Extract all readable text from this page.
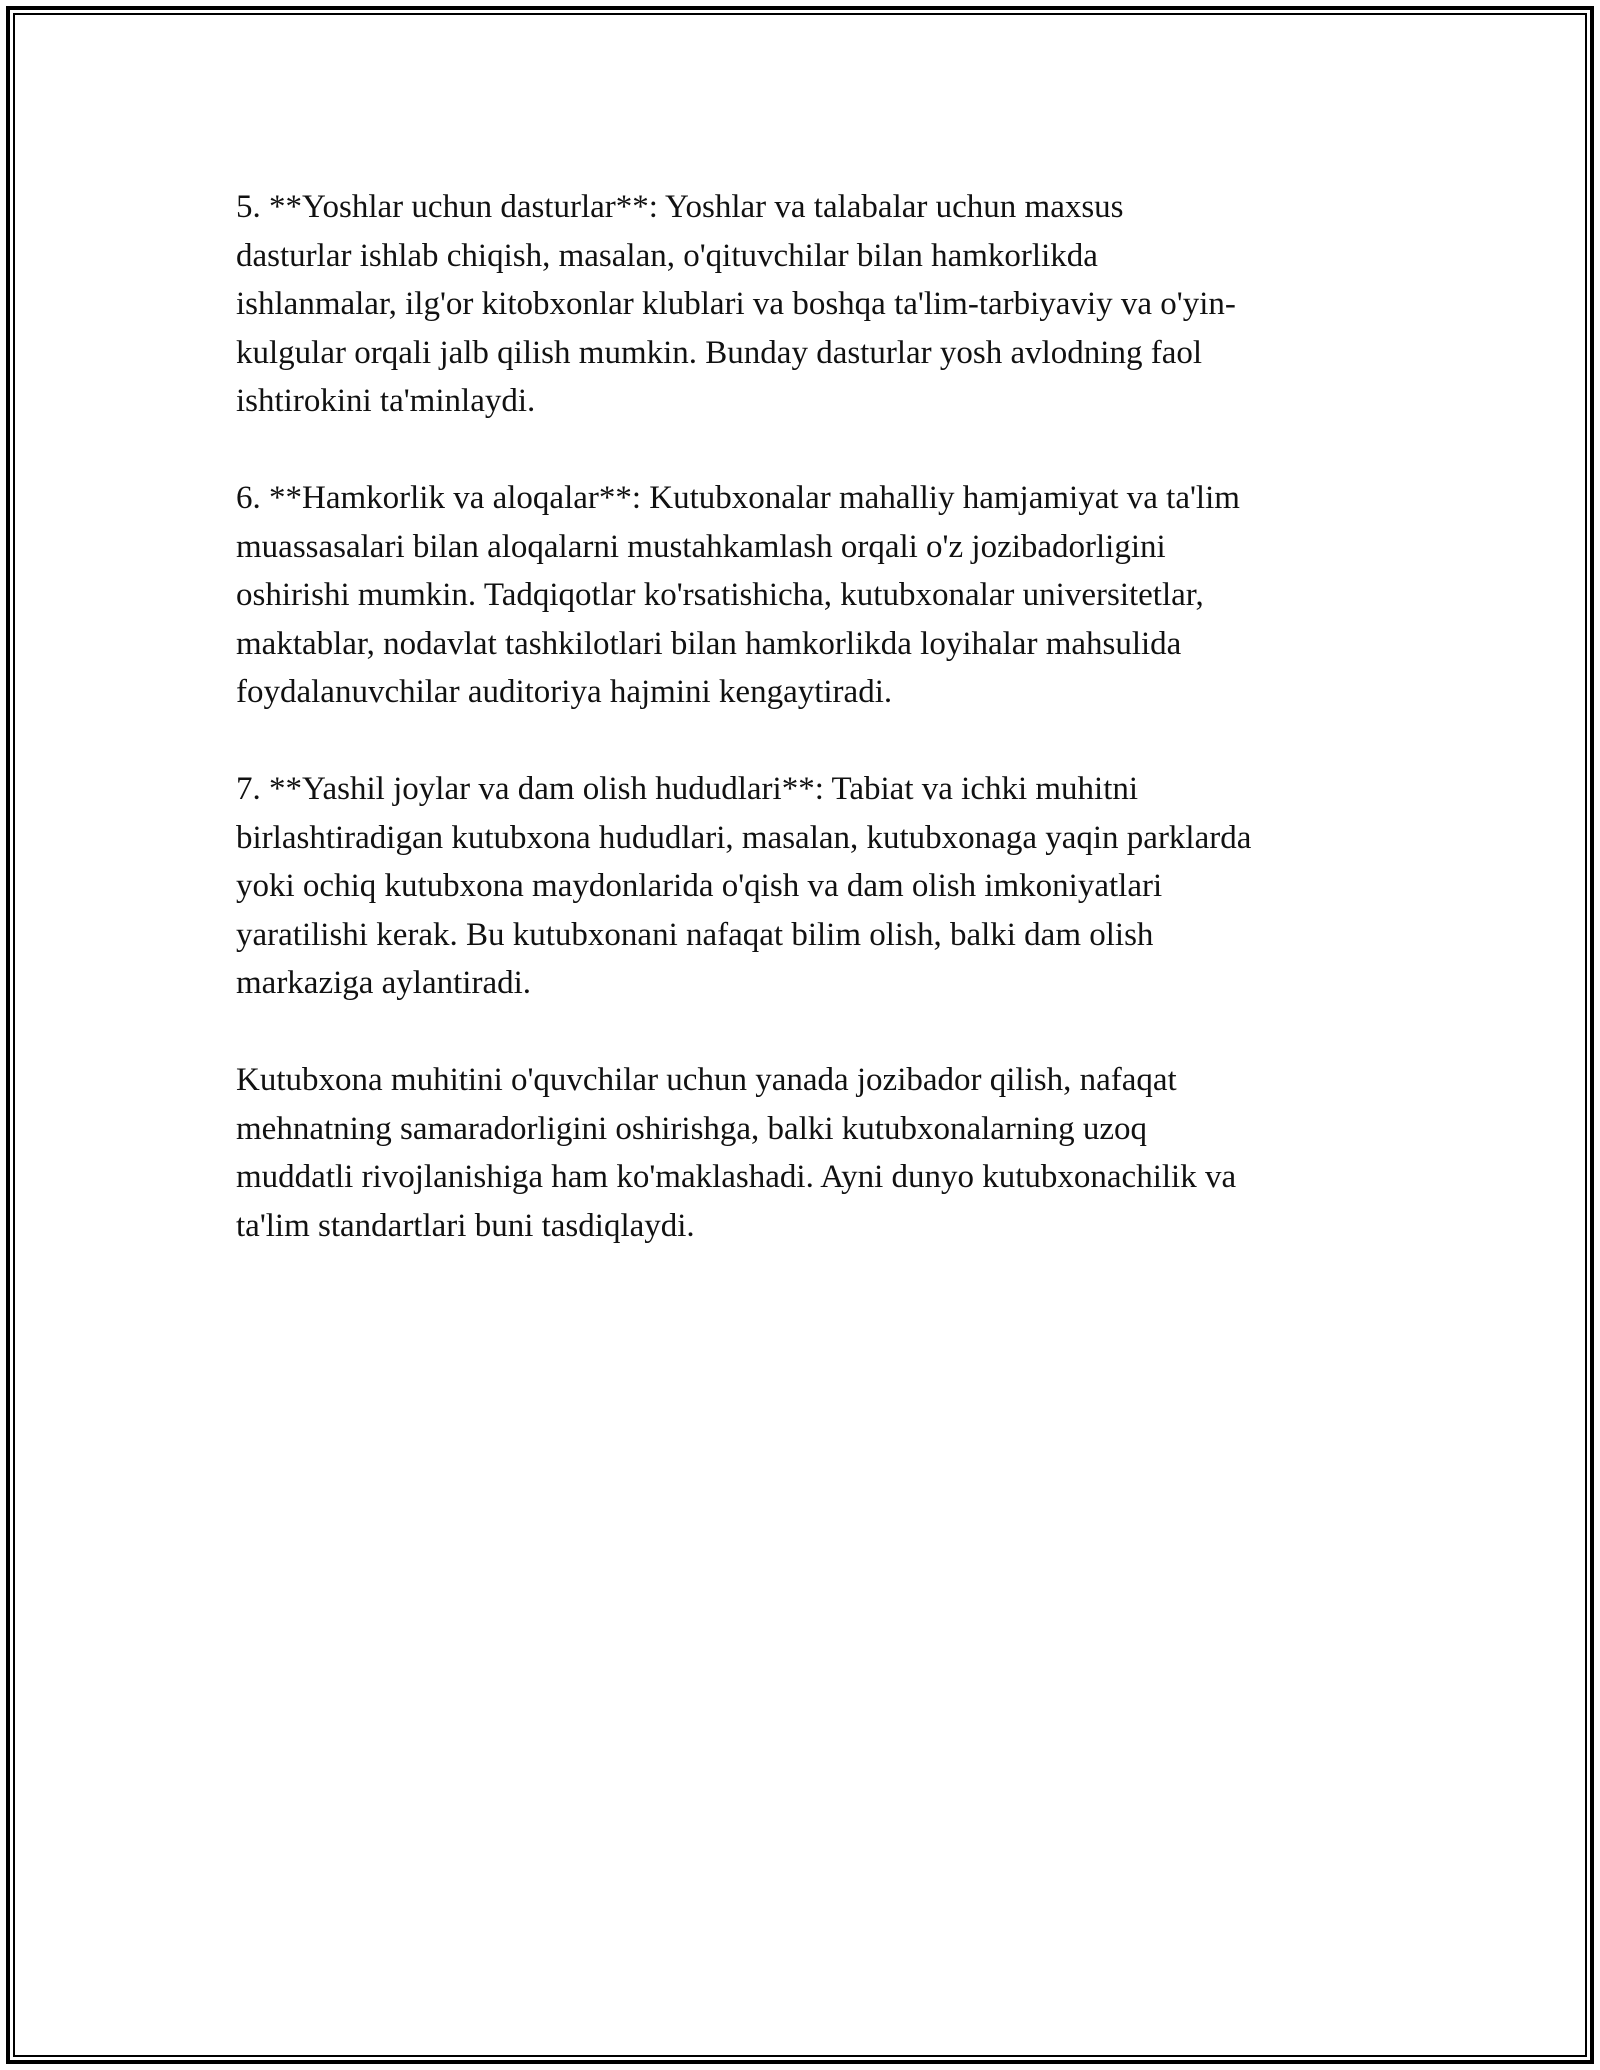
5. **Yoshlar uchun dasturlar**: Yoshlar va talabalar uchun maxsus
dasturlar ishlab chiqish, masalan, o'qituvchilar bilan hamkorlikda
ishlanmalar, ilg'or kitobxonlar klublari va boshqa ta'lim-tarbiyaviy va o'yin-
kulgular orqali jalb qilish mumkin. Bunday dasturlar yosh avlodning faol
ishtirokini ta'minlaydi.

6. **Hamkorlik va aloqalar**: Kutubxonalar mahalliy hamjamiyat va ta'lim
muassasalari bilan aloqalarni mustahkamlash orqali o'z jozibadorligini
oshirishi mumkin. Tadqiqotlar ko'rsatishicha, kutubxonalar universitetlar,
maktablar, nodavlat tashkilotlari bilan hamkorlikda loyihalar mahsulida
foydalanuvchilar auditoriya hajmini kengaytiradi.

7. **Yashil joylar va dam olish hududlari**: Tabiat va ichki muhitni
birlashtiradigan kutubxona hududlari, masalan, kutubxonaga yaqin parklarda
yoki ochiq kutubxona maydonlarida o'qish va dam olish imkoniyatlari
yaratilishi kerak. Bu kutubxonani nafaqat bilim olish, balki dam olish
markaziga aylantiradi.

Kutubxona muhitini o'quvchilar uchun yanada jozibador qilish, nafaqat
mehnatning samaradorligini oshirishga, balki kutubxonalarning uzoq
muddatli rivojlanishiga ham ko'maklashadi. Ayni dunyo kutubxonachilik va
ta'lim standartlari buni tasdiqlaydi.
